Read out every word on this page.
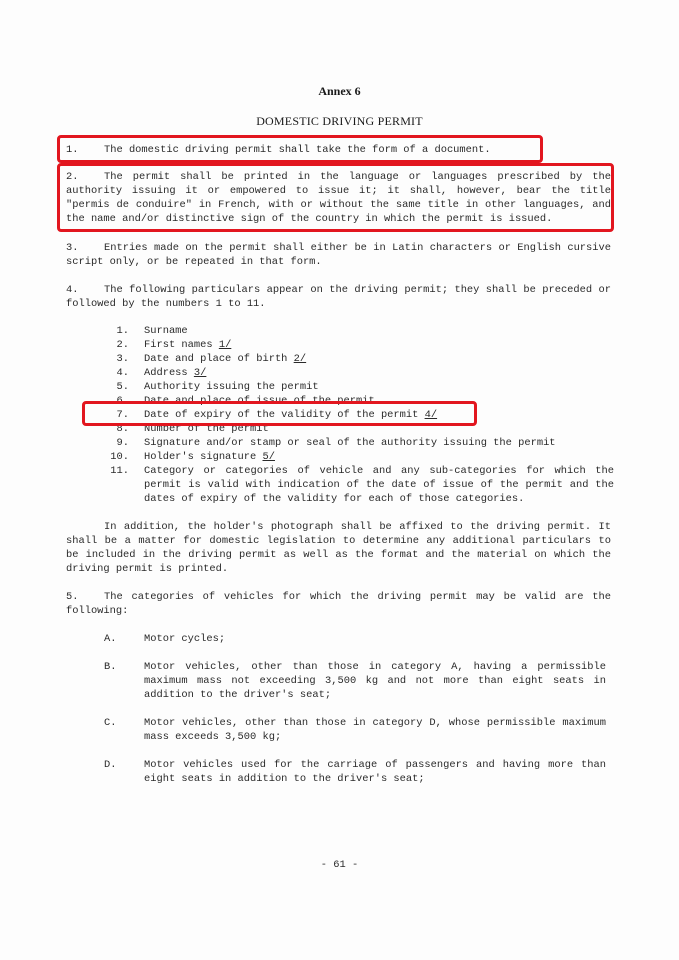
Annex 6
DOMESTIC DRIVING PERMIT
1. The domestic driving permit shall take the form of a document.
2. The permit shall be printed in the language or languages prescribed by the authority issuing it or empowered to issue it; it shall, however, bear the title "permis de conduire" in French, with or without the same title in other languages, and the name and/or distinctive sign of the country in which the permit is issued.
3. Entries made on the permit shall either be in Latin characters or English cursive script only, or be repeated in that form.
4. The following particulars appear on the driving permit; they shall be preceded or followed by the numbers 1 to 11.
1. Surname
2. First names 1/
3. Date and place of birth 2/
4. Address 3/
5. Authority issuing the permit
6. Date and place of issue of the permit
7. Date of expiry of the validity of the permit 4/
8. Number of the permit
9. Signature and/or stamp or seal of the authority issuing the permit
10. Holder's signature 5/
11. Category or categories of vehicle and any sub-categories for which the permit is valid with indication of the date of issue of the permit and the dates of expiry of the validity for each of those categories.
In addition, the holder's photograph shall be affixed to the driving permit. It shall be a matter for domestic legislation to determine any additional particulars to be included in the driving permit as well as the format and the material on which the driving permit is printed.
5. The categories of vehicles for which the driving permit may be valid are the following:
A.	Motor cycles;
B.	Motor vehicles, other than those in category A, having a permissible maximum mass not exceeding 3,500 kg and not more than eight seats in addition to the driver's seat;
C.	Motor vehicles, other than those in category D, whose permissible maximum mass exceeds 3,500 kg;
D.	Motor vehicles used for the carriage of passengers and having more than eight seats in addition to the driver's seat;
- 61 -
